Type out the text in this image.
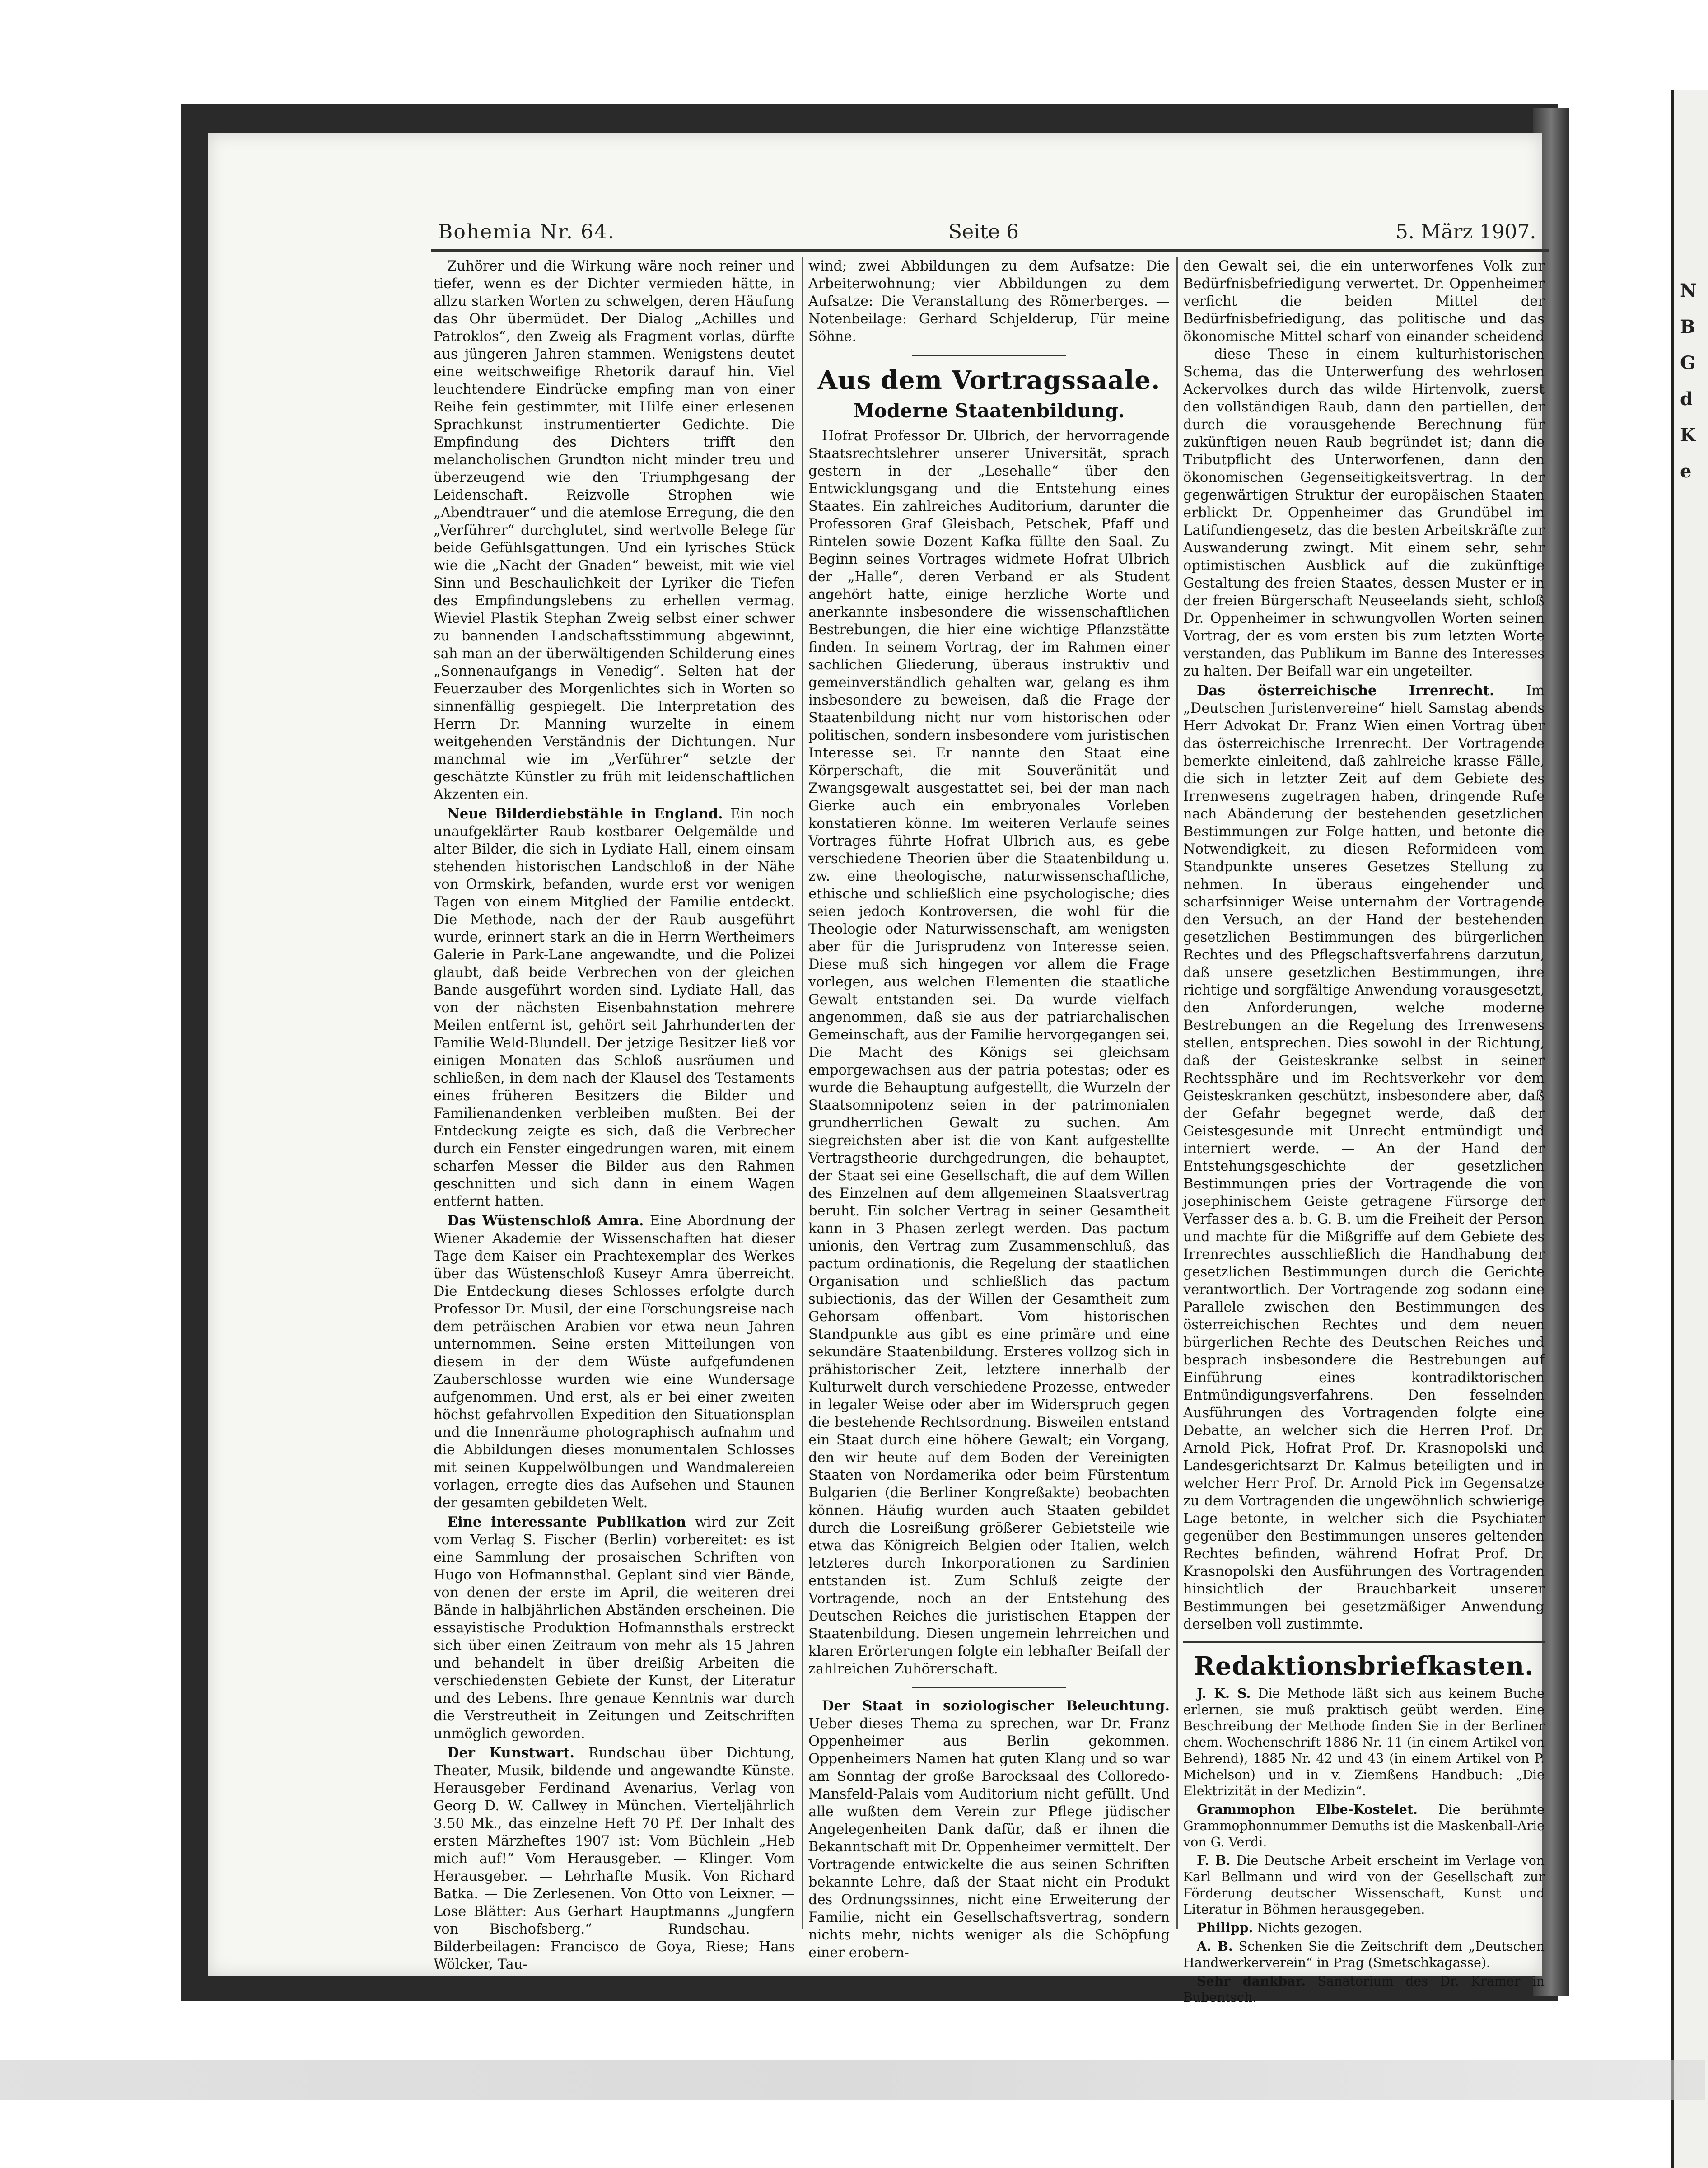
N
B
G
d
K
e
Bohemia Nr. 64.	Seite 6	5. März 1907.

Zuhörer und die Wirkung wäre noch reiner und tiefer, wenn es der Dichter vermieden hätte, in allzu starken Worten zu schwelgen, deren Häufung das Ohr übermüdet. Der Dialog „Achilles und Patroklos“, den Zweig als Fragment vorlas, dürfte aus jüngeren Jahren stammen. Wenigstens deutet eine weitschweifige Rhetorik darauf hin. Viel leuchtendere Eindrücke empfing man von einer Reihe fein gestimmter, mit Hilfe einer erlesenen Sprachkunst instrumentierter Gedichte. Die Empfindung des Dichters trifft den melancholischen Grundton nicht minder treu und überzeugend wie den Triumphgesang der Leidenschaft. Reizvolle Strophen wie „Abendtrauer“ und die atemlose Erregung, die den „Verführer“ durchglutet, sind wertvolle Belege für beide Gefühlsgattungen. Und ein lyrisches Stück wie die „Nacht der Gnaden“ beweist, mit wie viel Sinn und Beschaulichkeit der Lyriker die Tiefen des Empfindungslebens zu erhellen vermag. Wieviel Plastik Stephan Zweig selbst einer schwer zu bannenden Landschaftsstimmung abgewinnt, sah man an der überwältigenden Schilderung eines „Sonnenaufgangs in Venedig“. Selten hat der Feuerzauber des Morgenlichtes sich in Worten so sinnenfällig gespiegelt. Die Interpretation des Herrn Dr. Manning wurzelte in einem weitgehenden Verständnis der Dichtungen. Nur manchmal wie im „Verführer“ setzte der geschätzte Künstler zu früh mit leidenschaftlichen Akzenten ein.

Neue Bilderdiebstähle in England. Ein noch unaufgeklärter Raub kostbarer Oelgemälde und alter Bilder, die sich in Lydiate Hall, einem einsam stehenden historischen Landschloß in der Nähe von Ormskirk, befanden, wurde erst vor wenigen Tagen von einem Mitglied der Familie entdeckt. Die Methode, nach der der Raub ausgeführt wurde, erinnert stark an die in Herrn Wertheimers Galerie in Park-Lane angewandte, und die Polizei glaubt, daß beide Verbrechen von der gleichen Bande ausgeführt worden sind. Lydiate Hall, das von der nächsten Eisenbahnstation mehrere Meilen entfernt ist, gehört seit Jahrhunderten der Familie Weld-Blundell. Der jetzige Besitzer ließ vor einigen Monaten das Schloß ausräumen und schließen, in dem nach der Klausel des Testaments eines früheren Besitzers die Bilder und Familienandenken verbleiben mußten. Bei der Entdeckung zeigte es sich, daß die Verbrecher durch ein Fenster eingedrungen waren, mit einem scharfen Messer die Bilder aus den Rahmen geschnitten und sich dann in einem Wagen entfernt hatten.

Das Wüstenschloß Amra. Eine Abordnung der Wiener Akademie der Wissenschaften hat dieser Tage dem Kaiser ein Prachtexemplar des Werkes über das Wüstenschloß Kuseyr Amra überreicht. Die Entdeckung dieses Schlosses erfolgte durch Professor Dr. Musil, der eine Forschungsreise nach dem peträischen Arabien vor etwa neun Jahren unternommen. Seine ersten Mitteilungen von diesem in der dem Wüste aufgefundenen Zauberschlosse wurden wie eine Wundersage aufgenommen. Und erst, als er bei einer zweiten höchst gefahrvollen Expedition den Situationsplan und die Innenräume photographisch aufnahm und die Abbildungen dieses monumentalen Schlosses mit seinen Kuppelwölbungen und Wandmalereien vorlagen, erregte dies das Aufsehen und Staunen der gesamten gebildeten Welt.

Eine interessante Publikation wird zur Zeit vom Verlag S. Fischer (Berlin) vorbereitet: es ist eine Sammlung der prosaischen Schriften von Hugo von Hofmannsthal. Geplant sind vier Bände, von denen der erste im April, die weiteren drei Bände in halbjährlichen Abständen erscheinen. Die essayistische Produktion Hofmannsthals erstreckt sich über einen Zeitraum von mehr als 15 Jahren und behandelt in über dreißig Arbeiten die verschiedensten Gebiete der Kunst, der Literatur und des Lebens. Ihre genaue Kenntnis war durch die Verstreutheit in Zeitungen und Zeitschriften unmöglich geworden.

Der Kunstwart. Rundschau über Dichtung, Theater, Musik, bildende und angewandte Künste. Herausgeber Ferdinand Avenarius, Verlag von Georg D. W. Callwey in München. Vierteljährlich 3.50 Mk., das einzelne Heft 70 Pf. Der Inhalt des ersten Märzheftes 1907 ist: Vom Büchlein „Heb mich auf!“ Vom Herausgeber. — Klinger. Vom Herausgeber. — Lehrhafte Musik. Von Richard Batka. — Die Zerlesenen. Von Otto von Leixner. — Lose Blätter: Aus Gerhart Hauptmanns „Jungfern von Bischofsberg.“ — Rundschau. — Bilderbeilagen: Francisco de Goya, Riese; Hans Wölcker, Tau-

wind; zwei Abbildungen zu dem Aufsatze: Die Arbeiterwohnung; vier Abbildungen zu dem Aufsatze: Die Veranstaltung des Römerberges. — Notenbeilage: Gerhard Schjelderup, Für meine Söhne.

Aus dem Vortragssaale.
Moderne Staatenbildung.

Hofrat Professor Dr. Ulbrich, der hervorragende Staatsrechtslehrer unserer Universität, sprach gestern in der „Lesehalle“ über den Entwicklungsgang und die Entstehung eines Staates. Ein zahlreiches Auditorium, darunter die Professoren Graf Gleisbach, Petschek, Pfaff und Rintelen sowie Dozent Kafka füllte den Saal. Zu Beginn seines Vortrages widmete Hofrat Ulbrich der „Halle“, deren Verband er als Student angehört hatte, einige herzliche Worte und anerkannte insbesondere die wissenschaftlichen Bestrebungen, die hier eine wichtige Pflanzstätte finden. In seinem Vortrag, der im Rahmen einer sachlichen Gliederung, überaus instruktiv und gemeinverständlich gehalten war, gelang es ihm insbesondere zu beweisen, daß die Frage der Staatenbildung nicht nur vom historischen oder politischen, sondern insbesondere vom juristischen Interesse sei. Er nannte den Staat eine Körperschaft, die mit Souveränität und Zwangsgewalt ausgestattet sei, bei der man nach Gierke auch ein embryonales Vorleben konstatieren könne. Im weiteren Verlaufe seines Vortrages führte Hofrat Ulbrich aus, es gebe verschiedene Theorien über die Staatenbildung u. zw. eine theologische, naturwissenschaftliche, ethische und schließlich eine psychologische; dies seien jedoch Kontroversen, die wohl für die Theologie oder Naturwissenschaft, am wenigsten aber für die Jurisprudenz von Interesse seien. Diese muß sich hingegen vor allem die Frage vorlegen, aus welchen Elementen die staatliche Gewalt entstanden sei. Da wurde vielfach angenommen, daß sie aus der patriarchalischen Gemeinschaft, aus der Familie hervorgegangen sei. Die Macht des Königs sei gleichsam emporgewachsen aus der patria potestas; oder es wurde die Behauptung aufgestellt, die Wurzeln der Staatsomnipotenz seien in der patrimonialen grundherrlichen Gewalt zu suchen. Am siegreichsten aber ist die von Kant aufgestellte Vertragstheorie durchgedrungen, die behauptet, der Staat sei eine Gesellschaft, die auf dem Willen des Einzelnen auf dem allgemeinen Staatsvertrag beruht. Ein solcher Vertrag in seiner Gesamtheit kann in 3 Phasen zerlegt werden. Das pactum unionis, den Vertrag zum Zusammenschluß, das pactum ordinationis, die Regelung der staatlichen Organisation und schließlich das pactum subiectionis, das der Willen der Gesamtheit zum Gehorsam offenbart. Vom historischen Standpunkte aus gibt es eine primäre und eine sekundäre Staatenbildung. Ersteres vollzog sich in prähistorischer Zeit, letztere innerhalb der Kulturwelt durch verschiedene Prozesse, entweder in legaler Weise oder aber im Widerspruch gegen die bestehende Rechtsordnung. Bisweilen entstand ein Staat durch eine höhere Gewalt; ein Vorgang, den wir heute auf dem Boden der Vereinigten Staaten von Nordamerika oder beim Fürstentum Bulgarien (die Berliner Kongreßakte) beobachten können. Häufig wurden auch Staaten gebildet durch die Losreißung größerer Gebietsteile wie etwa das Königreich Belgien oder Italien, welch letzteres durch Inkorporationen zu Sardinien entstanden ist. Zum Schluß zeigte der Vortragende, noch an der Entstehung des Deutschen Reiches die juristischen Etappen der Staatenbildung. Diesen ungemein lehrreichen und klaren Erörterungen folgte ein lebhafter Beifall der zahlreichen Zuhörerschaft.

Der Staat in soziologischer Beleuchtung. Ueber dieses Thema zu sprechen, war Dr. Franz Oppenheimer aus Berlin gekommen. Oppenheimers Namen hat guten Klang und so war am Sonntag der große Barocksaal des Colloredo-Mansfeld-Palais vom Auditorium nicht gefüllt. Und alle wußten dem Verein zur Pflege jüdischer Angelegenheiten Dank dafür, daß er ihnen die Bekanntschaft mit Dr. Oppenheimer vermittelt. Der Vortragende entwickelte die aus seinen Schriften bekannte Lehre, daß der Staat nicht ein Produkt des Ordnungssinnes, nicht eine Erweiterung der Familie, nicht ein Gesellschaftsvertrag, sondern nichts mehr, nichts weniger als die Schöpfung einer erobern-

den Gewalt sei, die ein unterworfenes Volk zur Bedürfnisbefriedigung verwertet. Dr. Oppenheimer verficht die beiden Mittel der Bedürfnisbefriedigung, das politische und das ökonomische Mittel scharf von einander scheidend — diese These in einem kulturhistorischen Schema, das die Unterwerfung des wehrlosen Ackervolkes durch das wilde Hirtenvolk, zuerst den vollständigen Raub, dann den partiellen, der durch die vorausgehende Berechnung für zukünftigen neuen Raub begründet ist; dann die Tributpflicht des Unterworfenen, dann den ökonomischen Gegenseitigkeitsvertrag. In der gegenwärtigen Struktur der europäischen Staaten erblickt Dr. Oppenheimer das Grundübel im Latifundiengesetz, das die besten Arbeitskräfte zur Auswanderung zwingt. Mit einem sehr, sehr optimistischen Ausblick auf die zukünftige Gestaltung des freien Staates, dessen Muster er in der freien Bürgerschaft Neuseelands sieht, schloß Dr. Oppenheimer in schwungvollen Worten seinen Vortrag, der es vom ersten bis zum letzten Worte verstanden, das Publikum im Banne des Interesses zu halten. Der Beifall war ein ungeteilter.

Das österreichische Irrenrecht. Im „Deutschen Juristenvereine“ hielt Samstag abends Herr Advokat Dr. Franz Wien einen Vortrag über das österreichische Irrenrecht. Der Vortragende bemerkte einleitend, daß zahlreiche krasse Fälle, die sich in letzter Zeit auf dem Gebiete des Irrenwesens zugetragen haben, dringende Rufe nach Abänderung der bestehenden gesetzlichen Bestimmungen zur Folge hatten, und betonte die Notwendigkeit, zu diesen Reformideen vom Standpunkte unseres Gesetzes Stellung zu nehmen. In überaus eingehender und scharfsinniger Weise unternahm der Vortragende den Versuch, an der Hand der bestehenden gesetzlichen Bestimmungen des bürgerlichen Rechtes und des Pflegschaftsverfahrens darzutun, daß unsere gesetzlichen Bestimmungen, ihre richtige und sorgfältige Anwendung vorausgesetzt, den Anforderungen, welche moderne Bestrebungen an die Regelung des Irrenwesens stellen, entsprechen. Dies sowohl in der Richtung, daß der Geisteskranke selbst in seiner Rechtssphäre und im Rechtsverkehr vor dem Geisteskranken geschützt, insbesondere aber, daß der Gefahr begegnet werde, daß der Geistesgesunde mit Unrecht entmündigt und interniert werde. — An der Hand der Entstehungsgeschichte der gesetzlichen Bestimmungen pries der Vortragende die von josephinischem Geiste getragene Fürsorge der Verfasser des a. b. G. B. um die Freiheit der Person und machte für die Mißgriffe auf dem Gebiete des Irrenrechtes ausschließlich die Handhabung der gesetzlichen Bestimmungen durch die Gerichte verantwortlich. Der Vortragende zog sodann eine Parallele zwischen den Bestimmungen des österreichischen Rechtes und dem neuen bürgerlichen Rechte des Deutschen Reiches und besprach insbesondere die Bestrebungen auf Einführung eines kontradiktorischen Entmündigungsverfahrens. Den fesselnden Ausführungen des Vortragenden folgte eine Debatte, an welcher sich die Herren Prof. Dr. Arnold Pick, Hofrat Prof. Dr. Krasnopolski und Landesgerichtsarzt Dr. Kalmus beteiligten und in welcher Herr Prof. Dr. Arnold Pick im Gegensatze zu dem Vortragenden die ungewöhnlich schwierige Lage betonte, in welcher sich die Psychiater gegenüber den Bestimmungen unseres geltenden Rechtes befinden, während Hofrat Prof. Dr. Krasnopolski den Ausführungen des Vortragenden hinsichtlich der Brauchbarkeit unserer Bestimmungen bei gesetzmäßiger Anwendung derselben voll zustimmte.

Redaktionsbriefkasten.

J. K. S. Die Methode läßt sich aus keinem Buche erlernen, sie muß praktisch geübt werden. Eine Beschreibung der Methode finden Sie in der Berliner chem. Wochenschrift 1886 Nr. 11 (in einem Artikel von Behrend), 1885 Nr. 42 und 43 (in einem Artikel von P. Michelson) und in v. Ziemßens Handbuch: „Die Elektrizität in der Medizin“.

Grammophon Elbe-Kostelet. Die berühmte Grammophonnummer Demuths ist die Maskenball-Arie von G. Verdi.

F. B. Die Deutsche Arbeit erscheint im Verlage von Karl Bellmann und wird von der Gesellschaft zur Förderung deutscher Wissenschaft, Kunst und Literatur in Böhmen herausgegeben.

Philipp. Nichts gezogen.

A. B. Schenken Sie die Zeitschrift dem „Deutschen Handwerkerverein“ in Prag (Smetschkagasse).

Sehr dankbar. Sanatorium des Dr. Kramer in Bubentsch.
